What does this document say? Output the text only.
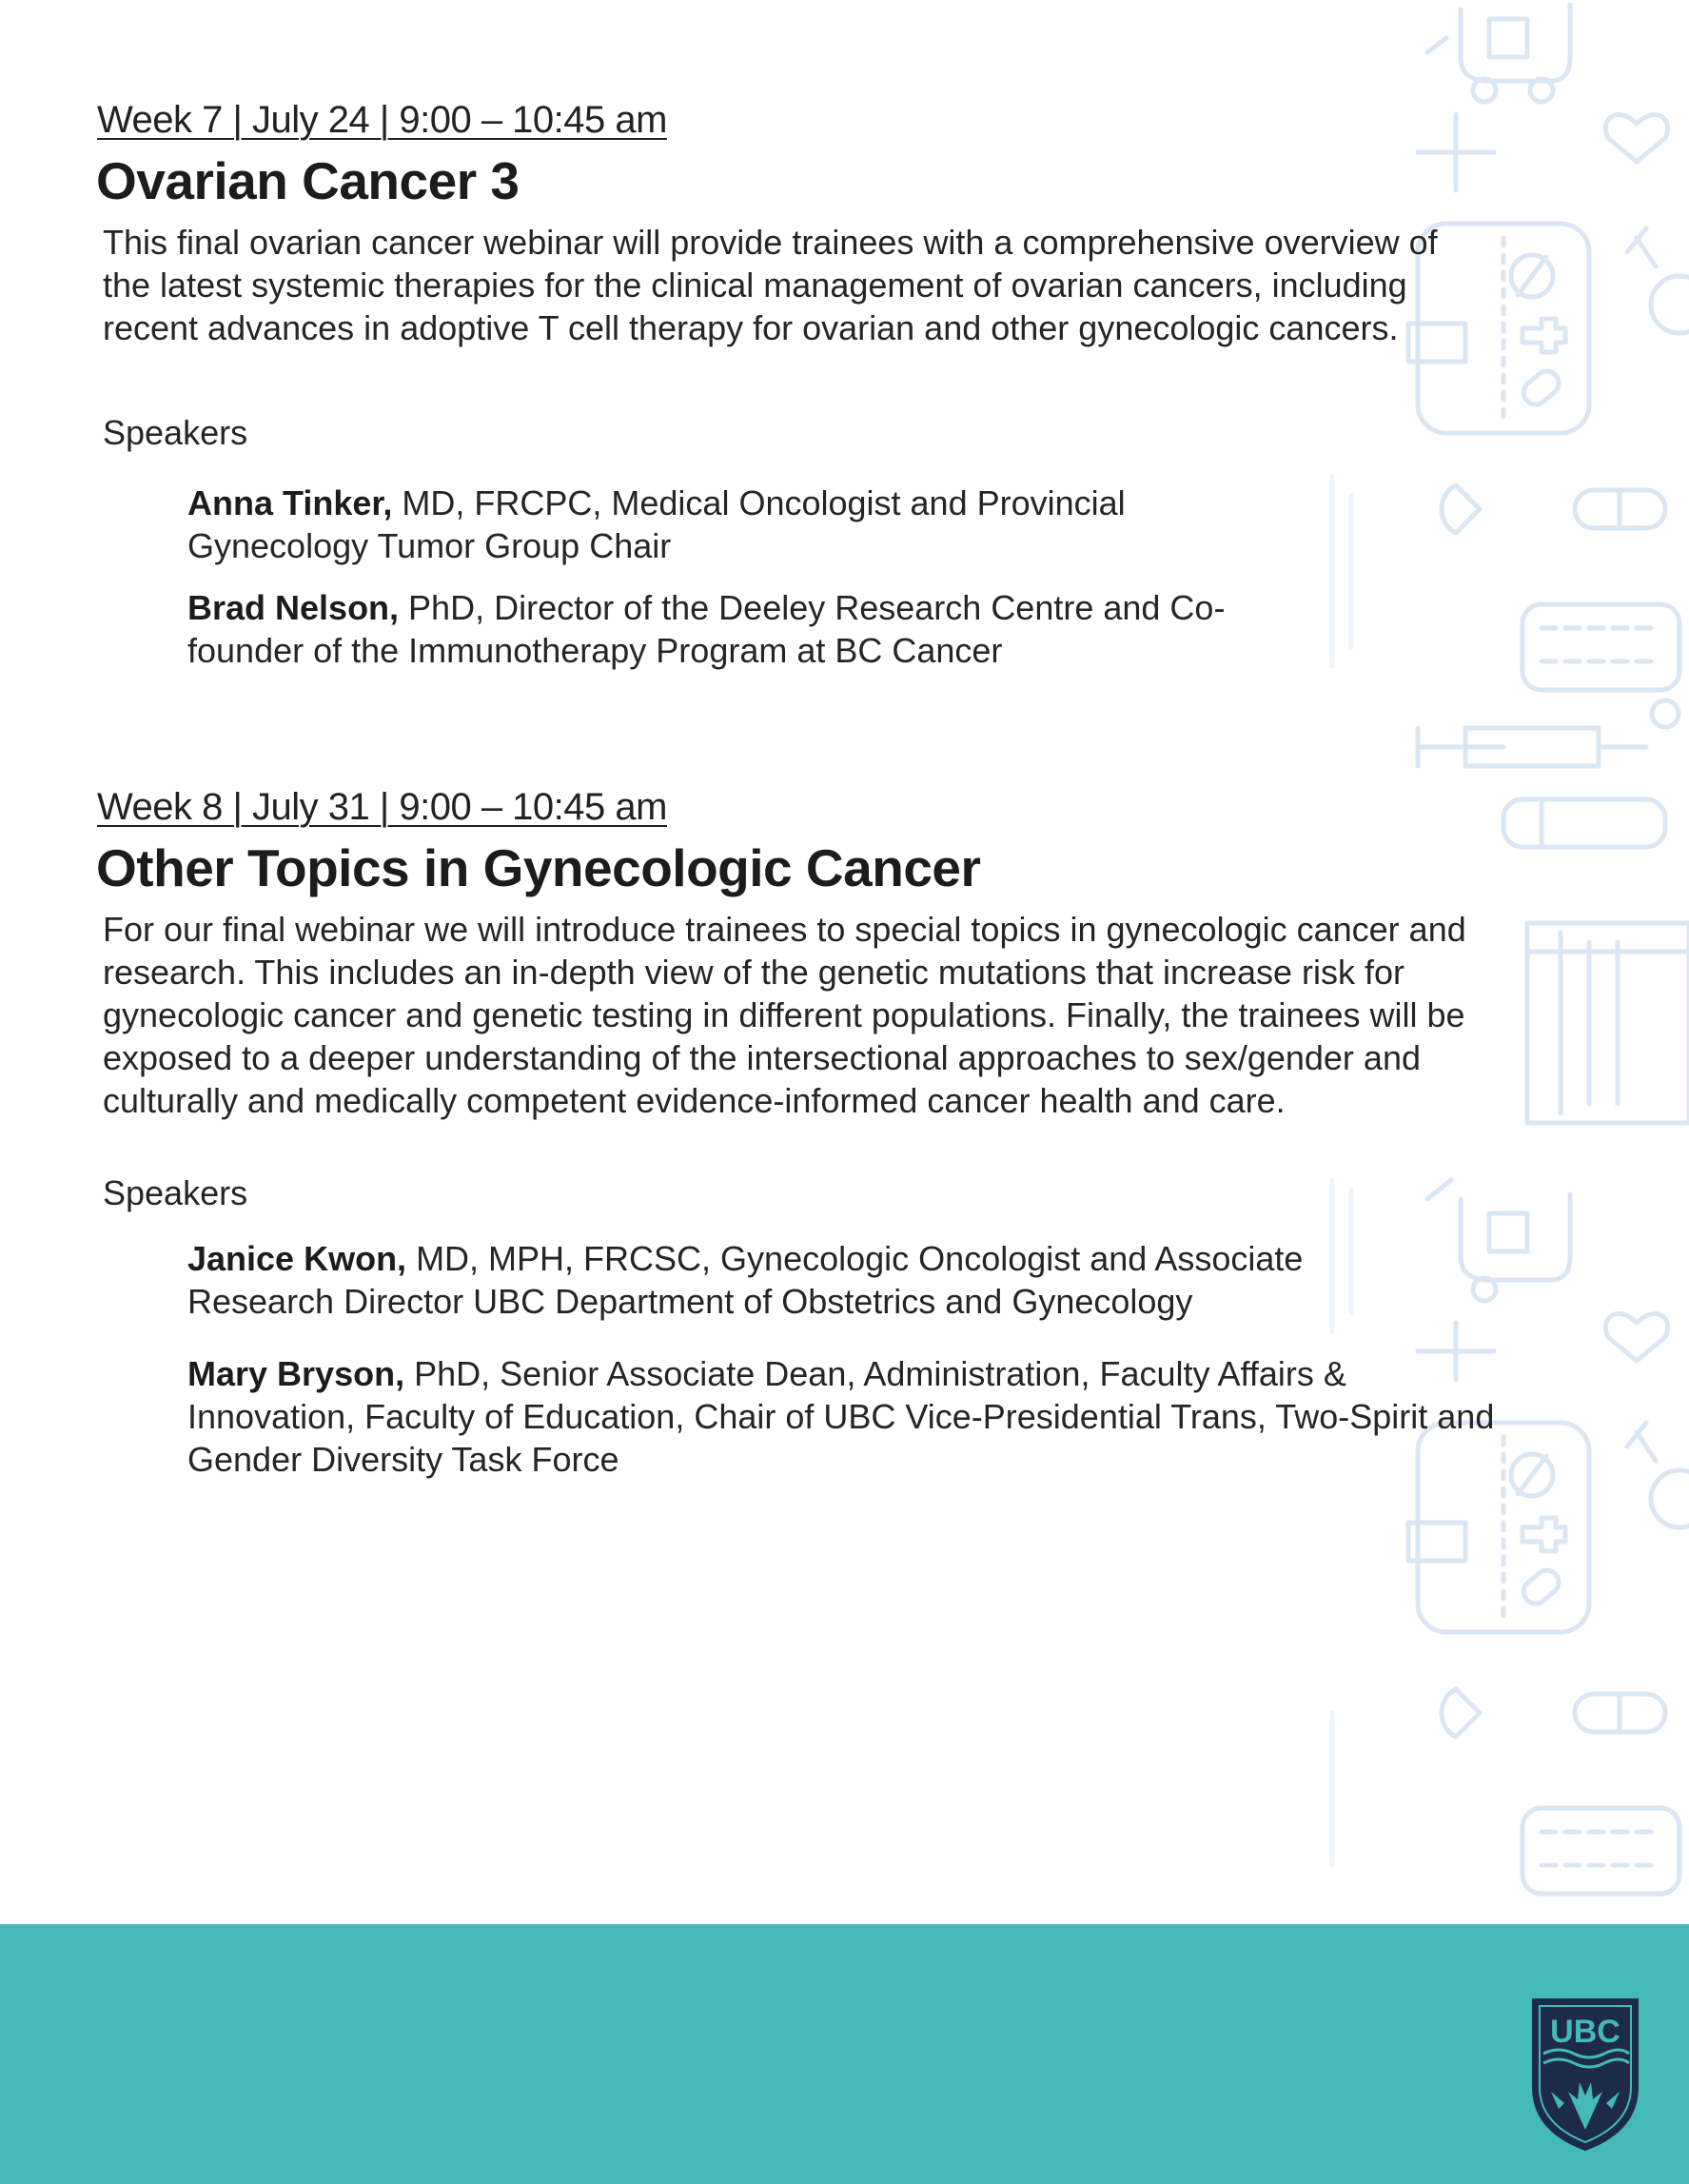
Week 7 | July 24 | 9:00 – 10:45 am

Ovarian Cancer 3

This final ovarian cancer webinar will provide trainees with a comprehensive overview of the latest systemic therapies for the clinical management of ovarian cancers, including recent advances in adoptive T cell therapy for ovarian and other gynecologic cancers.

Speakers

Anna Tinker, MD, FRCPC, Medical Oncologist and Provincial Gynecology Tumor Group Chair

Brad Nelson, PhD, Director of the Deeley Research Centre and Co-founder of the Immunotherapy Program at BC Cancer

Week 8 | July 31 | 9:00 – 10:45 am

Other Topics in Gynecologic Cancer

For our final webinar we will introduce trainees to special topics in gynecologic cancer and research. This includes an in-depth view of the genetic mutations that increase risk for gynecologic cancer and genetic testing in different populations. Finally, the trainees will be exposed to a deeper understanding of the intersectional approaches to sex/gender and culturally and medically competent evidence-informed cancer health and care.

Speakers

Janice Kwon, MD, MPH, FRCSC, Gynecologic Oncologist and Associate Research Director UBC Department of Obstetrics and Gynecology

Mary Bryson, PhD, Senior Associate Dean, Administration, Faculty Affairs & Innovation, Faculty of Education, Chair of UBC Vice-Presidential Trans, Two-Spirit and Gender Diversity Task Force

UBC
